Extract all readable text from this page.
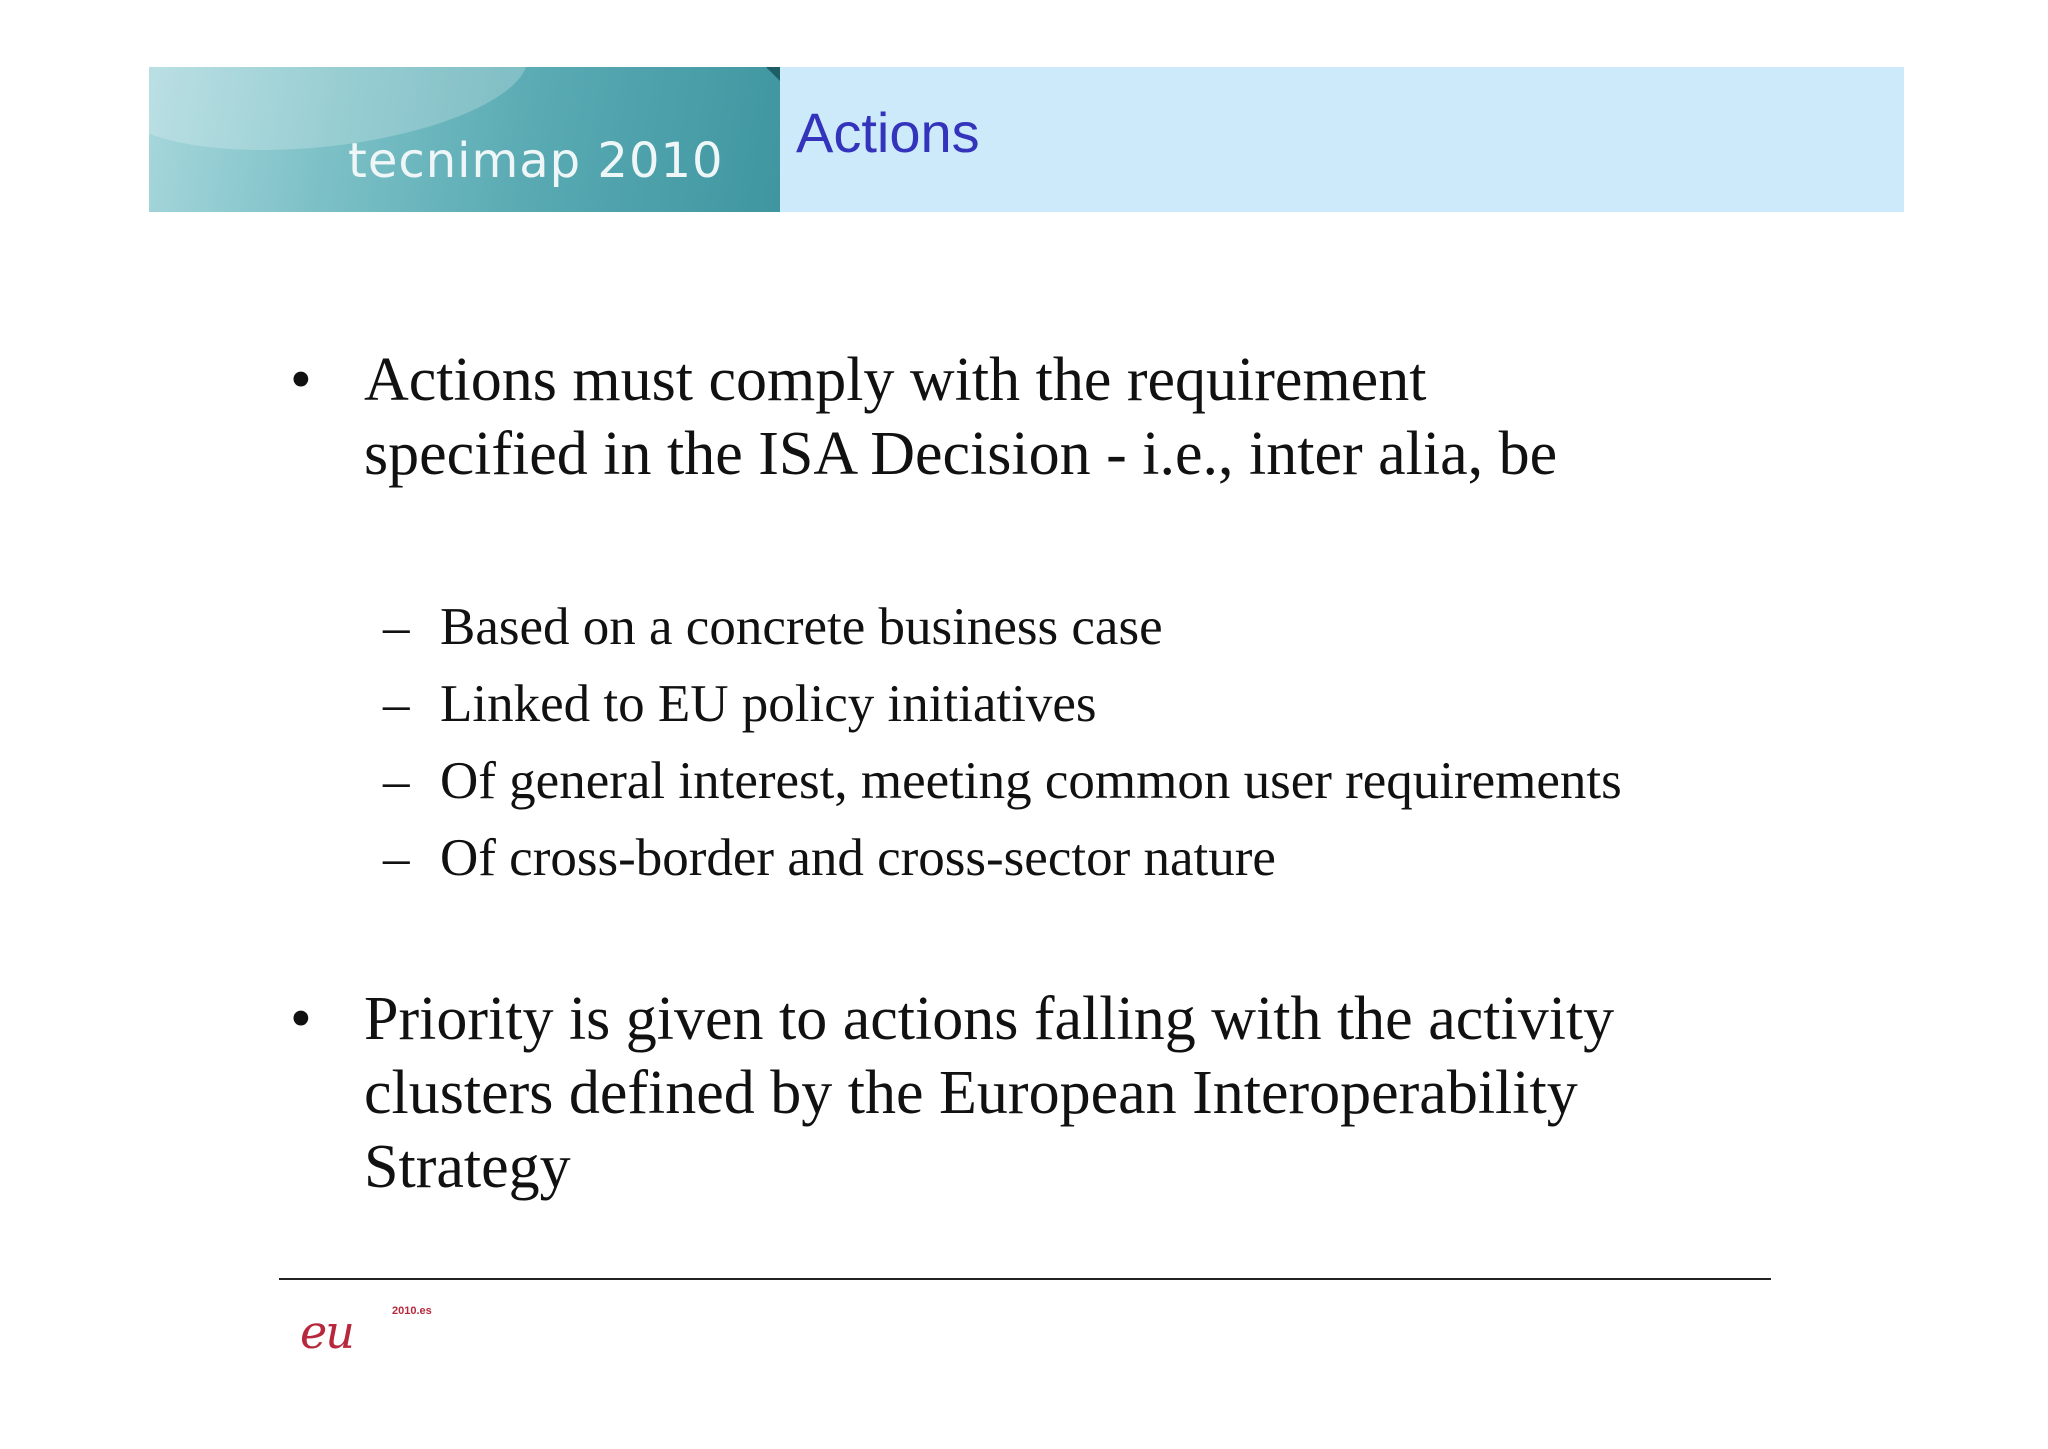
tecnimap 2010 Actions
• Actions must comply with the requirement
specified in the ISA Decision - i.e., inter alia, be
– Based on a concrete business case
– Linked to EU policy initiatives
– Of general interest, meeting common user requirements
– Of cross-border and cross-sector nature
• Priority is given to actions falling with the activity
clusters defined by the European Interoperability
Strategy
eu	2010.es
